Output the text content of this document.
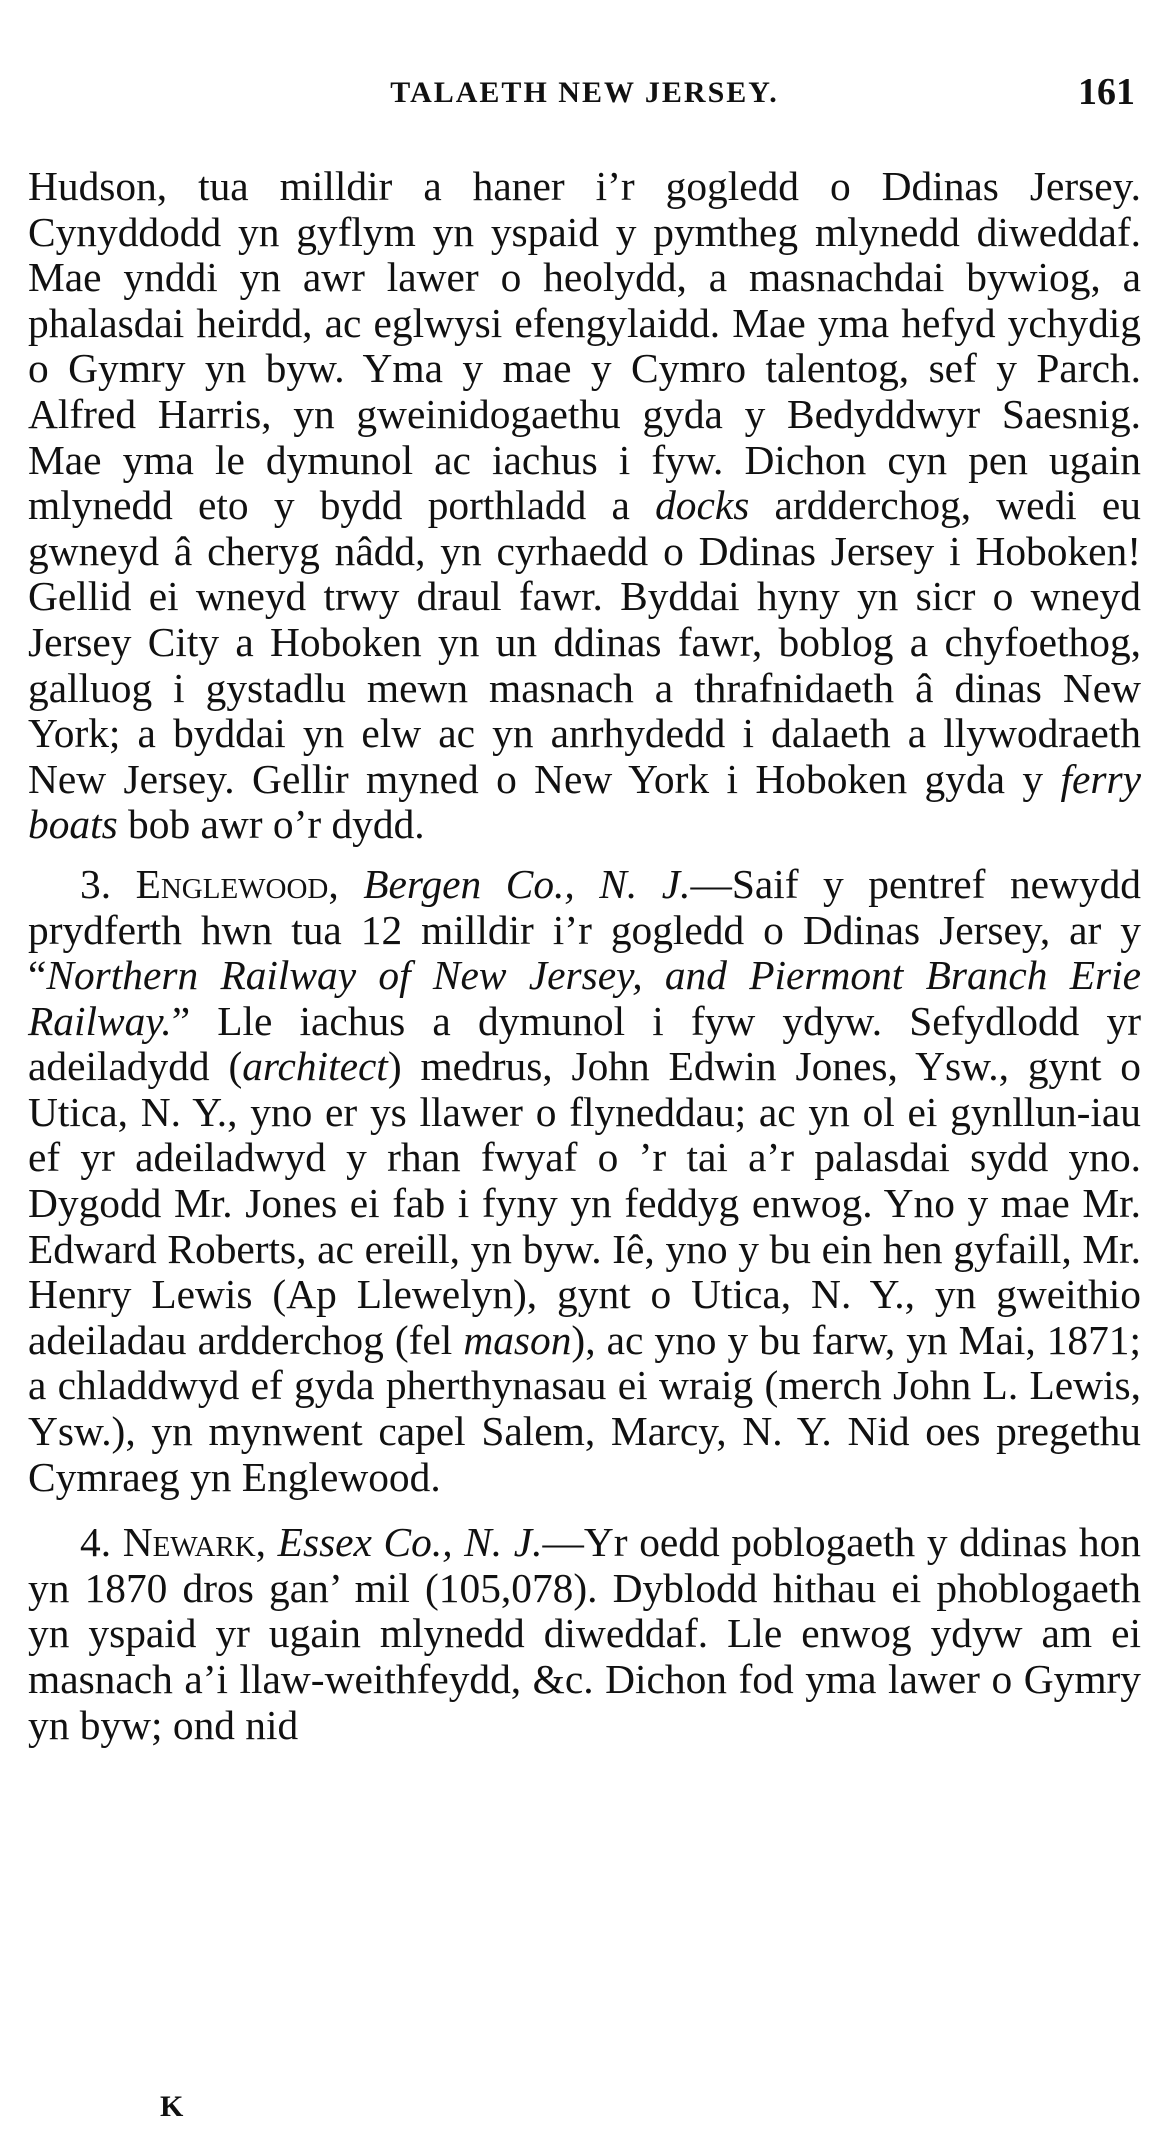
TALAETH NEW JERSEY.	161

Hudson, tua milldir a haner i’r gogledd o Ddinas Jersey. Cynyddodd yn gyflym yn yspaid y pymtheg mlynedd diweddaf. Mae ynddi yn awr lawer o heolydd, a masnachdai bywiog, a phalasdai heirdd, ac eglwysi efengylaidd. Mae yma hefyd ychydig o Gymry yn byw. Yma y mae y Cymro talentog, sef y Parch. Alfred Harris, yn gweinidogaethu gyda y Bedyddwyr Saesnig. Mae yma le dymunol ac iachus i fyw. Dichon cyn pen ugain mlynedd eto y bydd porthladd a docks ardderchog, wedi eu gwneyd â cheryg nâdd, yn cyrhaedd o Ddinas Jersey i Hoboken! Gellid ei wneyd trwy draul fawr. Byddai hyny yn sicr o wneyd Jersey City a Hoboken yn un ddinas fawr, boblog a chyfoethog, galluog i gystadlu mewn masnach a thrafnidaeth â dinas New York; a byddai yn elw ac yn anrhydedd i dalaeth a llywodraeth New Jersey. Gellir myned o New York i Hoboken gyda y ferry boats bob awr o’r dydd.

3. Englewood, Bergen Co., N. J.—Saif y pentref newydd prydferth hwn tua 12 milldir i’r gogledd o Ddinas Jersey, ar y “Northern Railway of New Jersey, and Piermont Branch Erie Railway.” Lle iachus a dymunol i fyw ydyw. Sefydlodd yr adeiladydd (architect) medrus, John Edwin Jones, Ysw., gynt o Utica, N. Y., yno er ys llawer o flyneddau; ac yn ol ei gynllun-iau ef yr adeiladwyd y rhan fwyaf o ’r tai a’r palasdai sydd yno. Dygodd Mr. Jones ei fab i fyny yn feddyg enwog. Yno y mae Mr. Edward Roberts, ac ereill, yn byw. Iê, yno y bu ein hen gyfaill, Mr. Henry Lewis (Ap Llewelyn), gynt o Utica, N. Y., yn gweithio adeiladau ardderchog (fel mason), ac yno y bu farw, yn Mai, 1871; a chladdwyd ef gyda pherthynasau ei wraig (merch John L. Lewis, Ysw.), yn mynwent capel Salem, Marcy, N. Y. Nid oes pregethu Cymraeg yn Englewood.

4. Newark, Essex Co., N. J.—Yr oedd poblogaeth y ddinas hon yn 1870 dros gan’ mil (105,078). Dyblodd hithau ei phoblogaeth yn yspaid yr ugain mlynedd diweddaf. Lle enwog ydyw am ei masnach a’i llaw-weithfeydd, &c. Dichon fod yma lawer o Gymry yn byw; ond nid

K
